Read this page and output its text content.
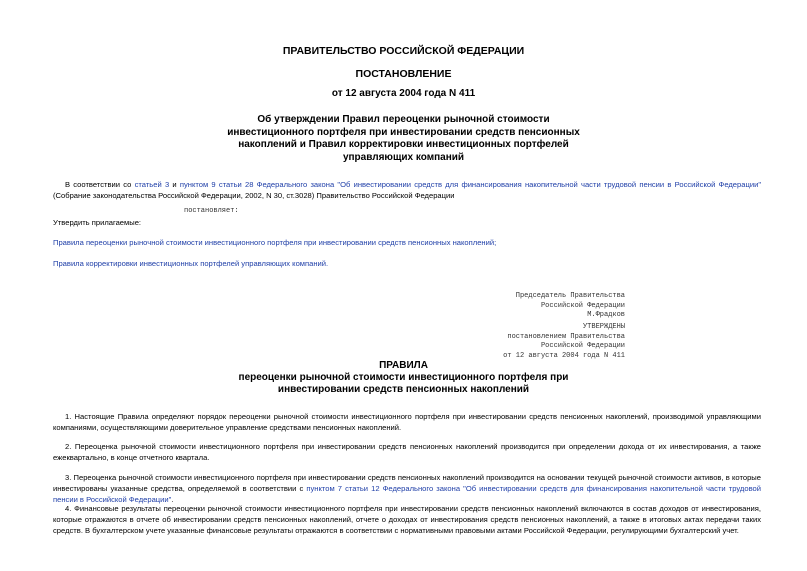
ПРАВИТЕЛЬСТВО РОССИЙСКОЙ ФЕДЕРАЦИИ
ПОСТАНОВЛЕНИЕ
от 12 августа 2004 года N 411
Об утверждении Правил переоценки рыночной стоимости
инвестиционного портфеля при инвестировании средств пенсионных
накоплений и Правил корректировки инвестиционных портфелей
управляющих компаний
В соответствии со статьей 3 и пунктом 9 статьи 28 Федерального закона "Об инвестировании средств для финансирования накопительной части трудовой пенсии в Российской Федерации" (Собрание законодательства Российской Федерации, 2002, N 30, ст.3028) Правительство Российской Федерации
постановляет:
Утвердить прилагаемые:
Правила переоценки рыночной стоимости инвестиционного портфеля при инвестировании средств пенсионных накоплений;
Правила корректировки инвестиционных портфелей управляющих компаний.
Председатель Правительства
Российской Федерации
М.Фрадков
УТВЕРЖДЕНЫ
постановлением Правительства
Российской Федерации
от 12 августа 2004 года N 411
ПРАВИЛА
переоценки рыночной стоимости инвестиционного портфеля при
инвестировании средств пенсионных накоплений
1. Настоящие Правила определяют порядок переоценки рыночной стоимости инвестиционного портфеля при инвестировании средств пенсионных накоплений, производимой управляющими компаниями, осуществляющими доверительное управление средствами пенсионных накоплений.
2. Переоценка рыночной стоимости инвестиционного портфеля при инвестировании средств пенсионных накоплений производится при определении дохода от их инвестирования, а также ежеквартально, в конце отчетного квартала.
3. Переоценка рыночной стоимости инвестиционного портфеля при инвестировании средств пенсионных накоплений производится на основании текущей рыночной стоимости активов, в которые инвестированы указанные средства, определяемой в соответствии с пунктом 7 статьи 12 Федерального закона "Об инвестировании средств для финансирования накопительной части трудовой пенсии в Российской Федерации".
4. Финансовые результаты переоценки рыночной стоимости инвестиционного портфеля при инвестировании средств пенсионных накоплений включаются в состав доходов от инвестирования, которые отражаются в отчете об инвестировании средств пенсионных накоплений, отчете о доходах от инвестирования средств пенсионных накоплений, а также в итоговых актах передачи таких средств. В бухгалтерском учете указанные финансовые результаты отражаются в соответствии с нормативными правовыми актами Российской Федерации, регулирующими бухгалтерский учет.
